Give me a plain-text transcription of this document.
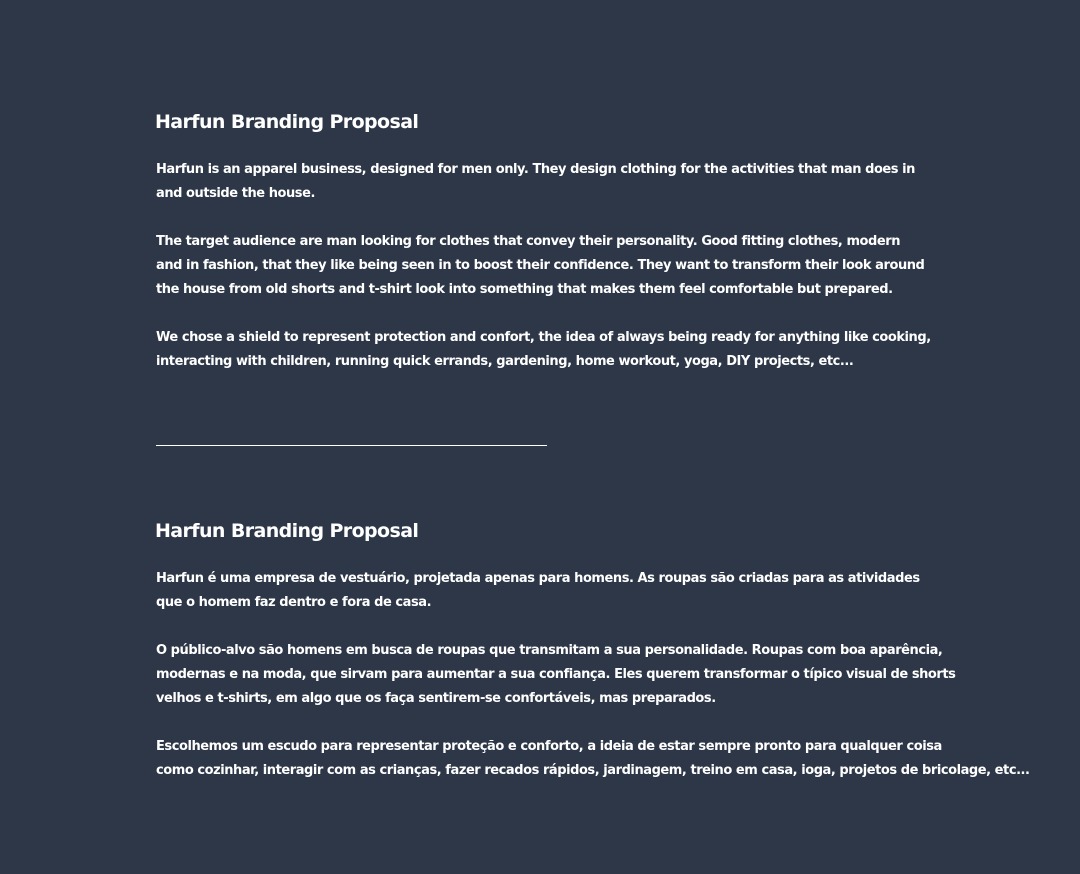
Harfun Branding Proposal

Harfun is an apparel business, designed for men only. They design clothing for the activities that man does in
and outside the house.

The target audience are man looking for clothes that convey their personality. Good fitting clothes, modern
and in fashion, that they like being seen in to boost their confidence. They want to transform their look around
the house from old shorts and t-shirt look into something that makes them feel comfortable but prepared.

We chose a shield to represent protection and confort, the idea of always being ready for anything like cooking,
interacting with children, running quick errands, gardening, home workout, yoga, DIY projects, etc...

Harfun Branding Proposal

Harfun é uma empresa de vestuário, projetada apenas para homens. As roupas são criadas para as atividades
que o homem faz dentro e fora de casa.

O público-alvo são homens em busca de roupas que transmitam a sua personalidade. Roupas com boa aparência,
modernas e na moda, que sirvam para aumentar a sua confiança. Eles querem transformar o típico visual de shorts
velhos e t-shirts, em algo que os faça sentirem-se confortáveis, mas preparados.

Escolhemos um escudo para representar proteção e conforto, a ideia de estar sempre pronto para qualquer coisa
como cozinhar, interagir com as crianças, fazer recados rápidos, jardinagem, treino em casa, ioga, projetos de bricolage, etc...
